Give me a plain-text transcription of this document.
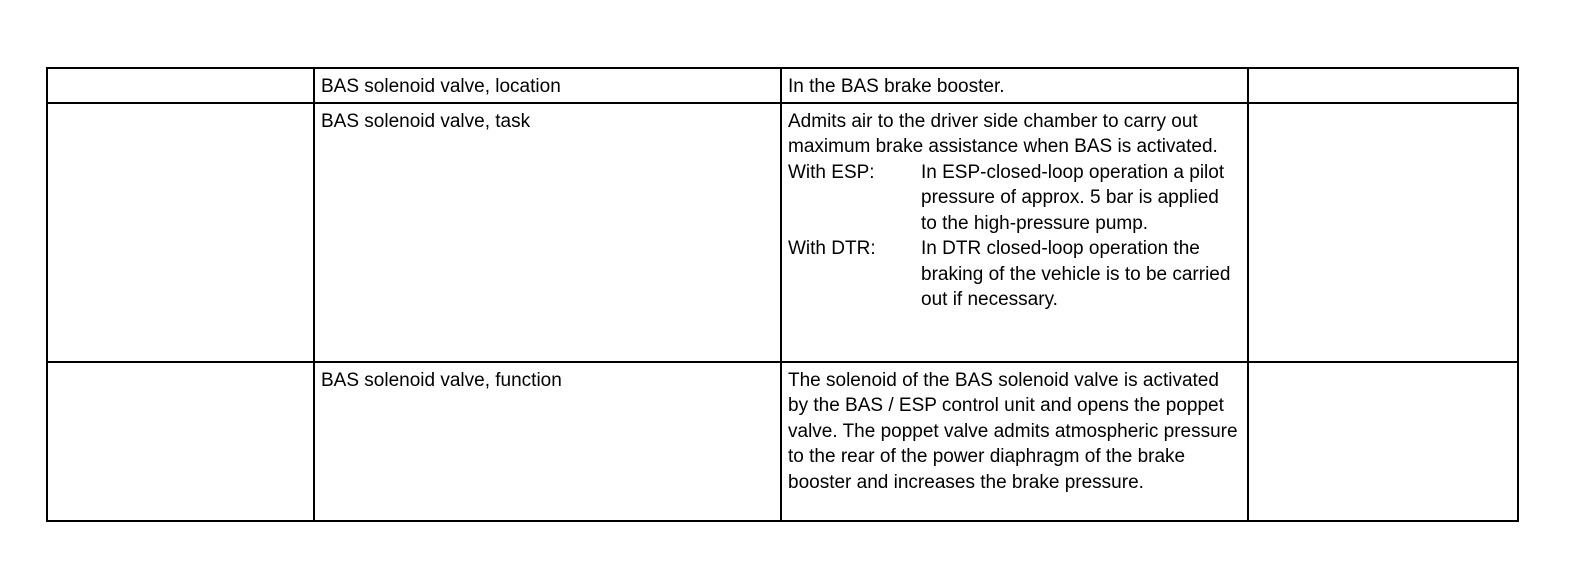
	BAS solenoid valve, location	In the BAS brake booster.	
	BAS solenoid valve, task	Admits air to the driver side chamber to carry out maximum brake assistance when BAS is activated.
With ESP: In ESP-closed-loop operation a pilot pressure of approx. 5 bar is applied to the high-pressure pump.
With DTR: In DTR closed-loop operation the braking of the vehicle is to be carried out if necessary.	

	BAS solenoid valve, function	The solenoid of the BAS solenoid valve is activated by the BAS / ESP control unit and opens the poppet valve. The poppet valve admits atmospheric pressure to the rear of the power diaphragm of the brake booster and increases the brake pressure.	
